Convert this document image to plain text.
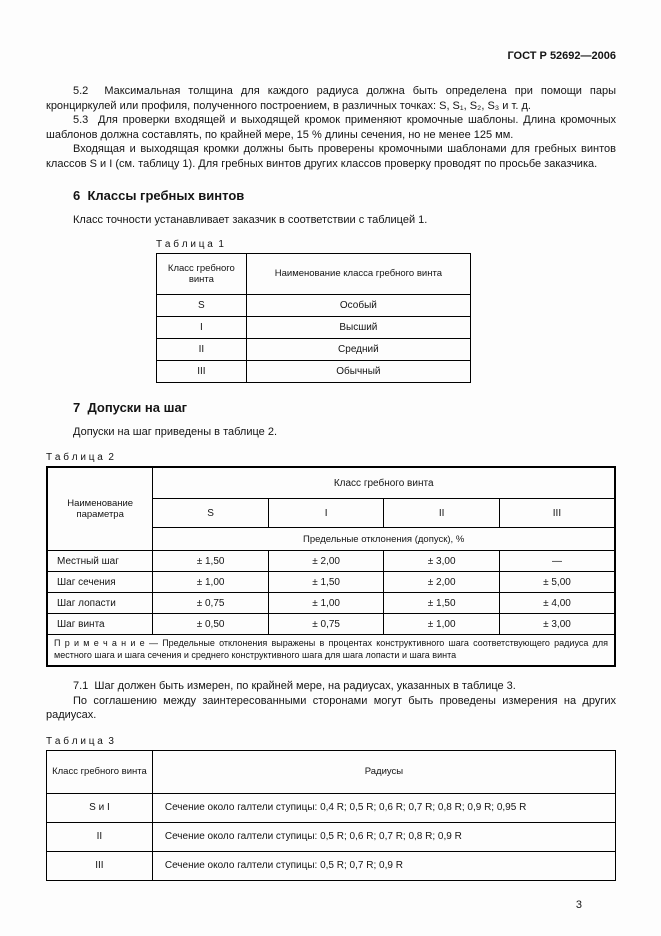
ГОСТ Р 52692—2006

5.2  Максимальная толщина для каждого радиуса должна быть определена при помощи пары кронциркулей или профиля, полученного построением, в различных точках: S, S₁, S₂, S₃ и т. д.

5.3  Для проверки входящей и выходящей кромок применяют кромочные шаблоны. Длина кромочных шаблонов должна составлять, по крайней мере, 15 % длины сечения, но не менее 125 мм.

Входящая и выходящая кромки должны быть проверены кромочными шаблонами для гребных винтов классов S и I (см. таблицу 1). Для гребных винтов других классов проверку проводят по просьбе заказчика.

6  Классы гребных винтов

Класс точности устанавливает заказчик в соответствии с таблицей 1.

Т а б л и ц а  1
Класс гребного винта	Наименование класса гребного винта
S	Особый
I	Высший
II	Средний
III	Обычный
7  Допуски на шаг

Допуски на шаг приведены в таблице 2.

Т а б л и ц а  2
Наименование параметра	Класс гребного винта			
	S	I	II	III
	Предельные отклонения (допуск), %			
Местный шаг	± 1,50	± 2,00	± 3,00	—
Шаг сечения	± 1,00	± 1,50	± 2,00	± 5,00
Шаг лопасти	± 0,75	± 1,00	± 1,50	± 4,00
Шаг винта	± 0,50	± 0,75	± 1,00	± 3,00
П р и м е ч а н и е — Предельные отклонения выражены в процентах конструктивного шага соответствующего радиуса для местного шага и шага сечения и среднего конструктивного шага для шага лопасти и шага винта				

7.1  Шаг должен быть измерен, по крайней мере, на радиусах, указанных в таблице 3.

По соглашению между заинтересованными сторонами могут быть проведены измерения на других радиусах.

Т а б л и ц а  3
Класс гребного винта	Радиусы
S и I	Сечение около галтели ступицы: 0,4 R; 0,5 R; 0,6 R; 0,7 R; 0,8 R; 0,9 R; 0,95 R
II	Сечение около галтели ступицы: 0,5 R; 0,6 R; 0,7 R; 0,8 R; 0,9 R
III	Сечение около галтели ступицы: 0,5 R; 0,7 R; 0,9 R
3
